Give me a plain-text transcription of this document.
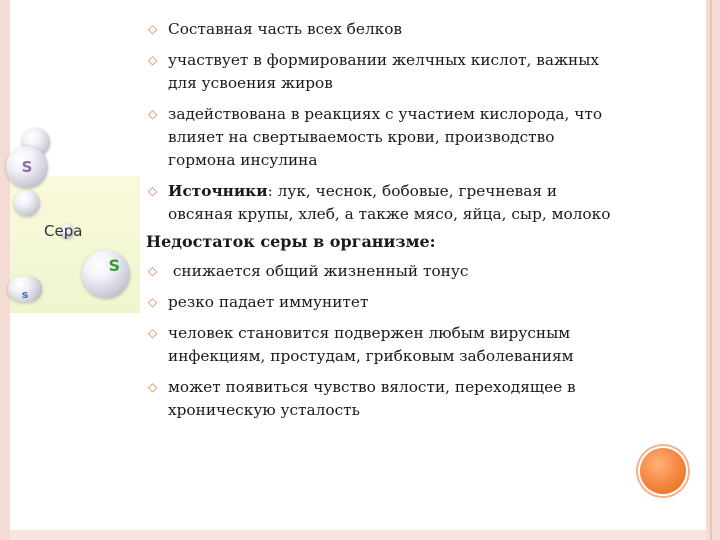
S
Сера
S
s
◇ Составная часть всех белков
◇ участвует в формировании желчных кислот, важных
для усвоения жиров
◇ задействована в реакциях с участием кислорода, что
влияет на свертываемость крови, производство
гормона инсулина
◇ Источники: лук, чеснок, бобовые, гречневая и
овсяная крупы, хлеб, а также мясо, яйца, сыр, молоко
Недостаток серы в организме:
◇ снижается общий жизненный тонус
◇ резко падает иммунитет
◇ человек становится подвержен любым вирусным
инфекциям, простудам, грибковым заболеваниям
◇ может появиться чувство вялости, переходящее в
хроническую усталость
